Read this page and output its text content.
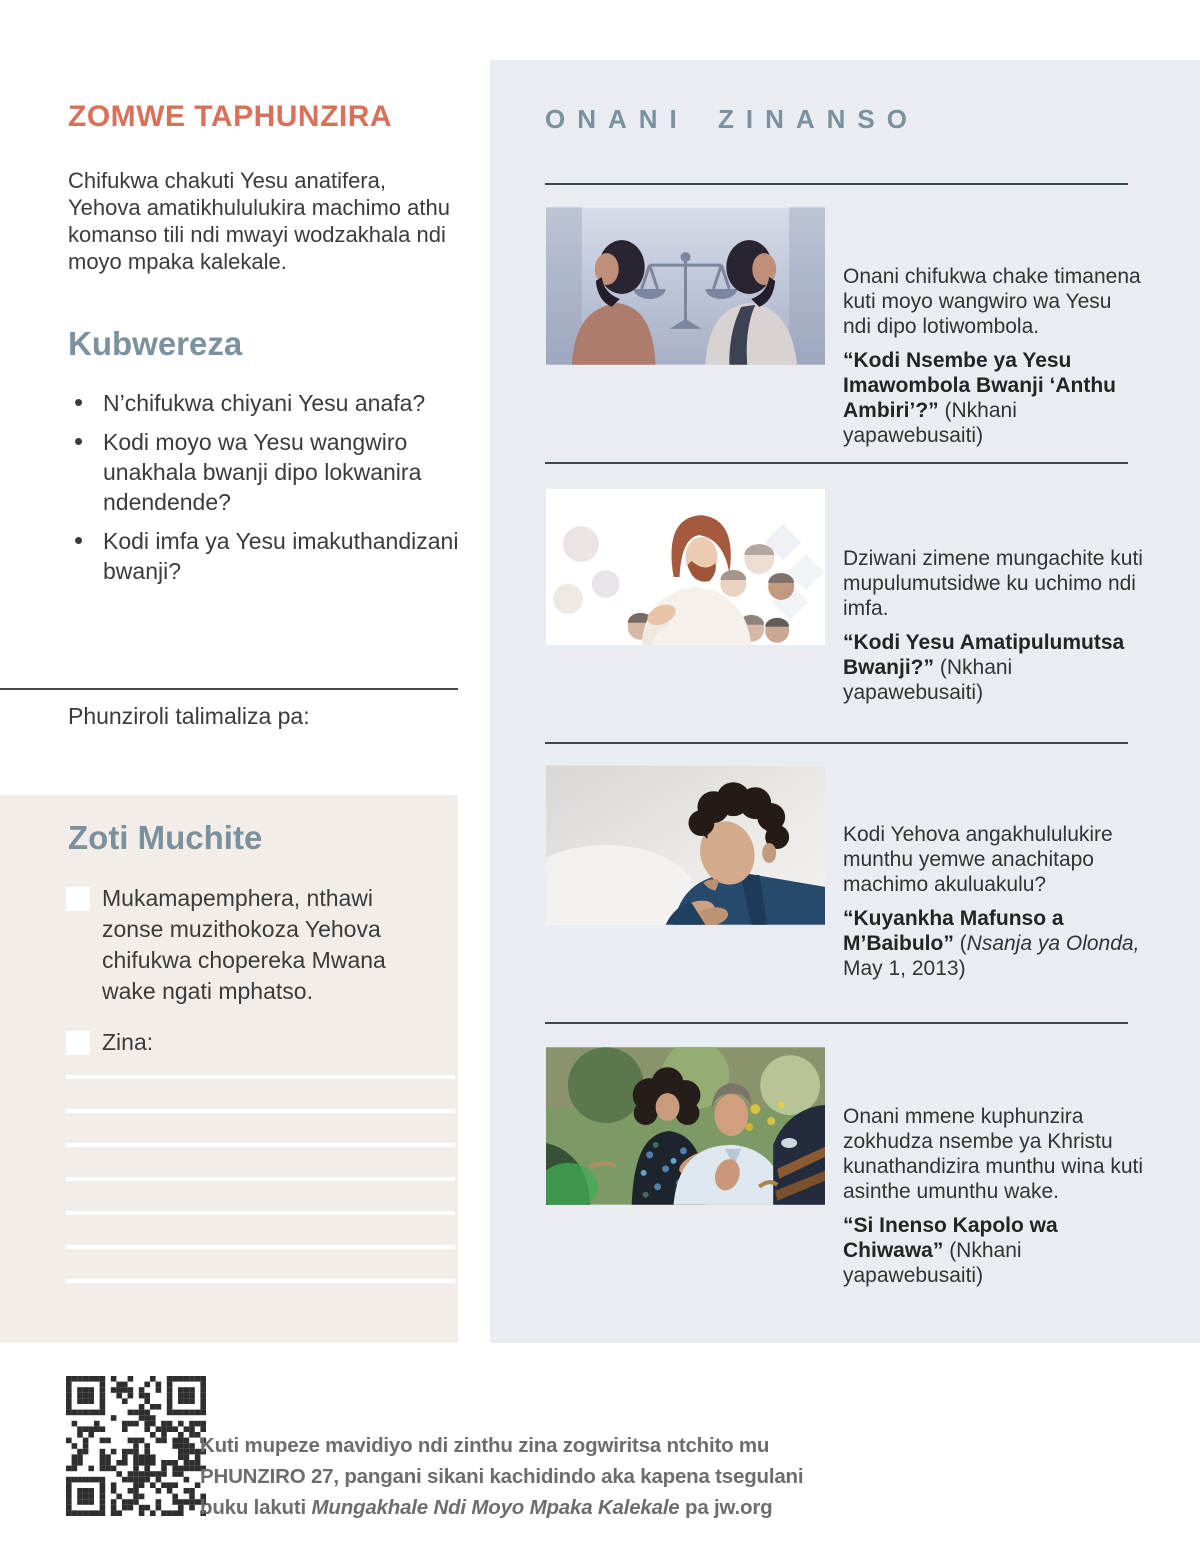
ONANI ZINANSO

Onani chifukwa chake timanena kuti moyo wangwiro wa Yesu ndi dipo lotiwombola.

“Kodi Nsembe ya Yesu Imawombola Bwanji ‘Anthu Ambiri’?” (Nkhani yapawebusaiti)

Dziwani zimene mungachite kuti mupulumutsidwe ku uchimo ndi imfa.

“Kodi Yesu Amatipulumutsa Bwanji?” (Nkhani yapawebusaiti)

Kodi Yehova angakhululukire munthu yemwe anachitapo machimo akuluakulu?

“Kuyankha Mafunso a M’Baibulo” (Nsanja ya Olonda, May 1, 2013)

Onani mmene kuphunzira zokhudza nsembe ya Khristu kunathandizira munthu wina kuti asinthe umunthu wake.

“Si Inenso Kapolo wa Chiwawa” (Nkhani yapawebusaiti)

ZOMWE TAPHUNZIRA

Chifukwa chakuti Yesu anatifera, Yehova amatikhululukira machimo athu komanso tili ndi mwayi wodzakhala ndi moyo mpaka kalekale.

Kubwereza
• N’chifukwa chiyani Yesu anafa?
• Kodi moyo wa Yesu wangwiro unakhala bwanji dipo lokwanira ndendende?
• Kodi imfa ya Yesu imakuthandizani bwanji?

Phunziroli talimaliza pa:

Zoti Muchite
Mukamapemphera, nthawi zonse muzithokoza Yehova chifukwa chopereka Mwana wake ngati mphatso.
Zina:

Kuti mupeze mavidiyo ndi zinthu zina zogwiritsa ntchito mu
PHUNZIRO 27, pangani sikani kachidindo aka kapena tsegulani
buku lakuti Mungakhale Ndi Moyo Mpaka Kalekale pa jw.org
